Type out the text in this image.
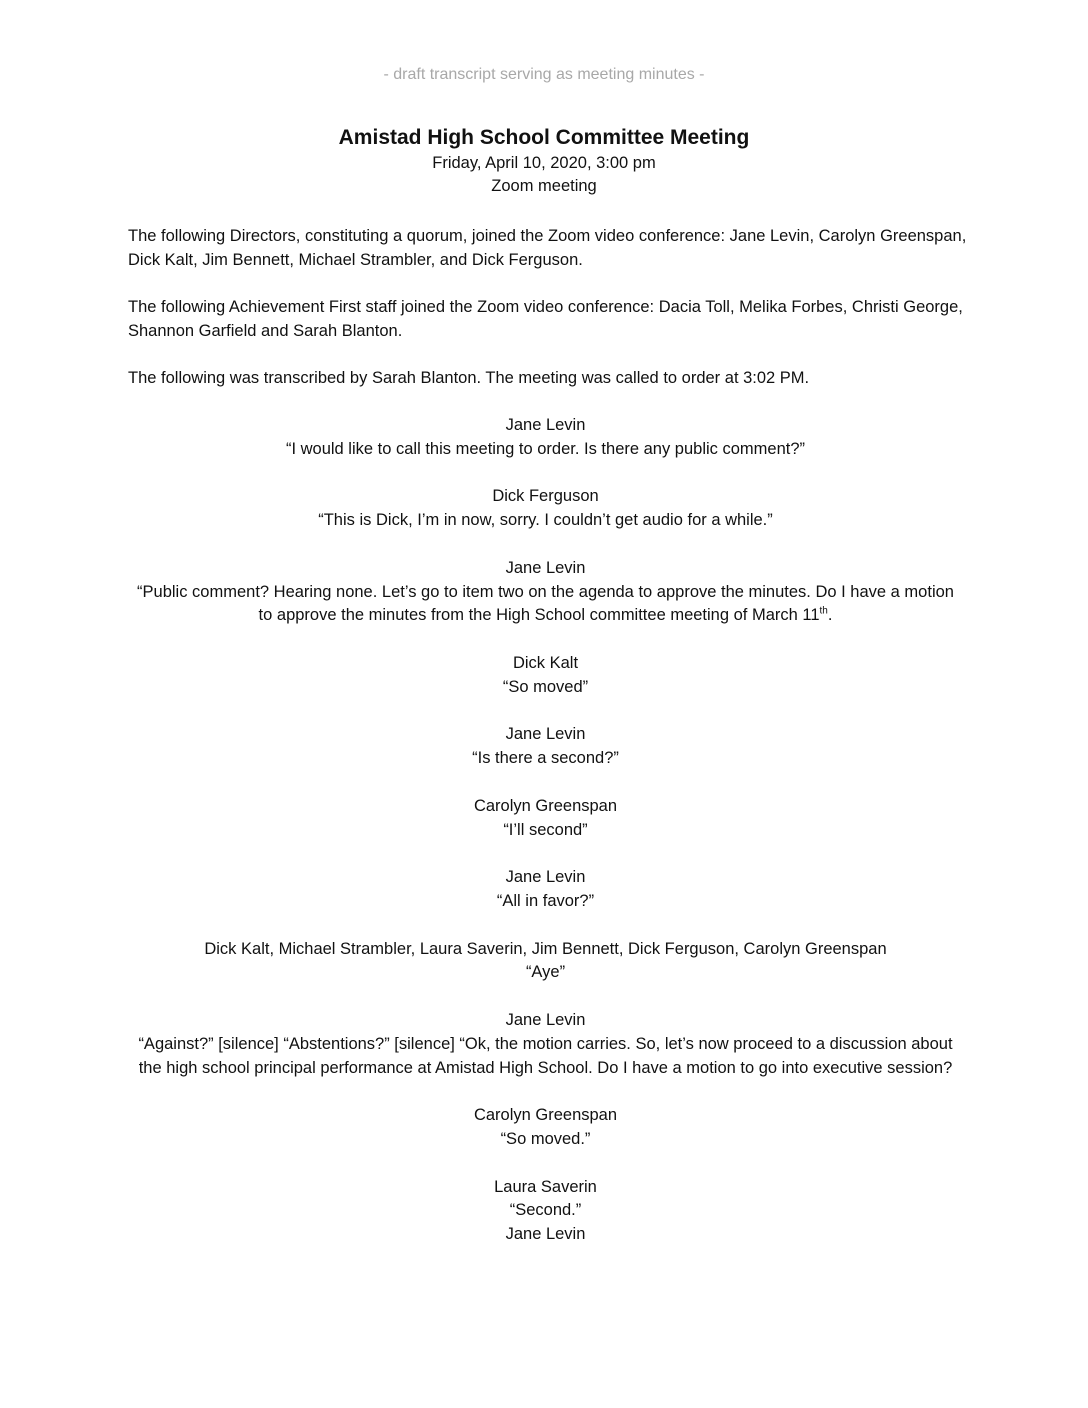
- draft transcript serving as meeting minutes -
Amistad High School Committee Meeting
Friday, April 10, 2020, 3:00 pm
Zoom meeting
The following Directors, constituting a quorum, joined the Zoom video conference: Jane Levin, Carolyn Greenspan, Dick Kalt, Jim Bennett, Michael Strambler, and Dick Ferguson.
The following Achievement First staff joined the Zoom video conference: Dacia Toll, Melika Forbes, Christi George, Shannon Garfield and Sarah Blanton.
The following was transcribed by Sarah Blanton. The meeting was called to order at 3:02 PM.
Jane Levin
“I would like to call this meeting to order. Is there any public comment?”
Dick Ferguson
“This is Dick, I’m in now, sorry. I couldn’t get audio for a while.”
Jane Levin
“Public comment? Hearing none. Let’s go to item two on the agenda to approve the minutes. Do I have a motion to approve the minutes from the High School committee meeting of March 11th.
Dick Kalt
“So moved”
Jane Levin
“Is there a second?”
Carolyn Greenspan
“I’ll second”
Jane Levin
“All in favor?”
Dick Kalt, Michael Strambler, Laura Saverin, Jim Bennett, Dick Ferguson, Carolyn Greenspan
“Aye”
Jane Levin
“Against?” [silence] “Abstentions?” [silence] “Ok, the motion carries. So, let’s now proceed to a discussion about the high school principal performance at Amistad High School. Do I have a motion to go into executive session?
Carolyn Greenspan
“So moved.”
Laura Saverin
“Second.”
Jane Levin
